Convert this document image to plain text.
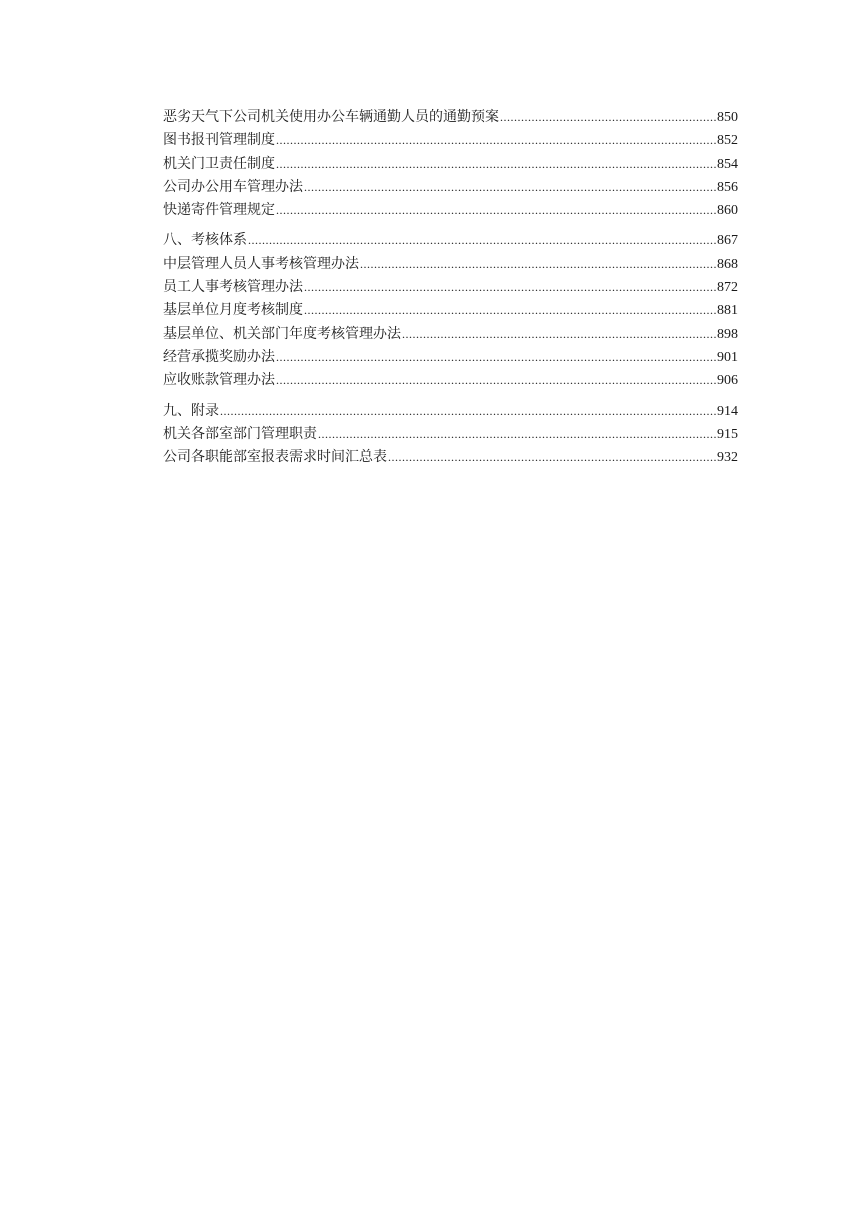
恶劣天气下公司机关使用办公车辆通勤人员的通勤预案 .....	850
图书报刊管理制度 .....	852
机关门卫责任制度 .....	854
公司办公用车管理办法 .....	856
快递寄件管理规定 .....	860
八、考核体系 .....	867
中层管理人员人事考核管理办法 .....	868
员工人事考核管理办法 .....	872
基层单位月度考核制度 .....	881
基层单位、机关部门年度考核管理办法 .....	898
经营承揽奖励办法 .....	901
应收账款管理办法 .....	906
九、附录 .....	914
机关各部室部门管理职责 .....	915
公司各职能部室报表需求时间汇总表 .....	932
